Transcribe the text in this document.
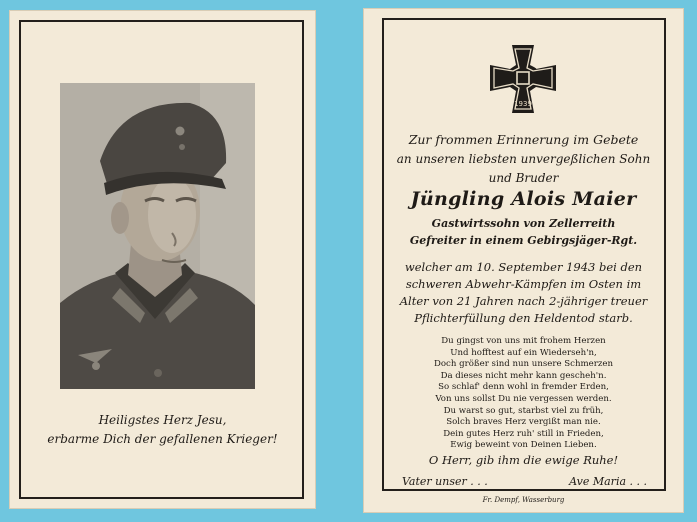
Heiligstes Herz Jesu,
erbarme Dich der gefallenen Krieger!
1939
Zur frommen Erinnerung im Gebete
an unseren liebsten unvergeßlichen Sohn
und Bruder
Jüngling Alois Maier
Gastwirtssohn von Zellerreith
Gefreiter in einem Gebirgsjäger-Rgt.
welcher am 10. September 1943 bei den
schweren Abwehr-Kämpfen im Osten im
Alter von 21 Jahren nach 2-jähriger treuer
Pflichterfüllung den Heldentod starb.
Du gingst von uns mit frohem Herzen
Und hofftest auf ein Wiederseh'n,
Doch größer sind nun unsere Schmerzen
Da dieses nicht mehr kann gescheh'n.
So schlaf' denn wohl in fremder Erden,
Von uns sollst Du nie vergessen werden.
Du warst so gut, starbst viel zu früh,
Solch braves Herz vergißt man nie.
Dein gutes Herz ruh' still in Frieden,
Ewig beweint von Deinen Lieben.
O Herr, gib ihm die ewige Ruhe!
Vater unser . . .	Ave Maria . . .
Fr. Dempf, Wasserburg
